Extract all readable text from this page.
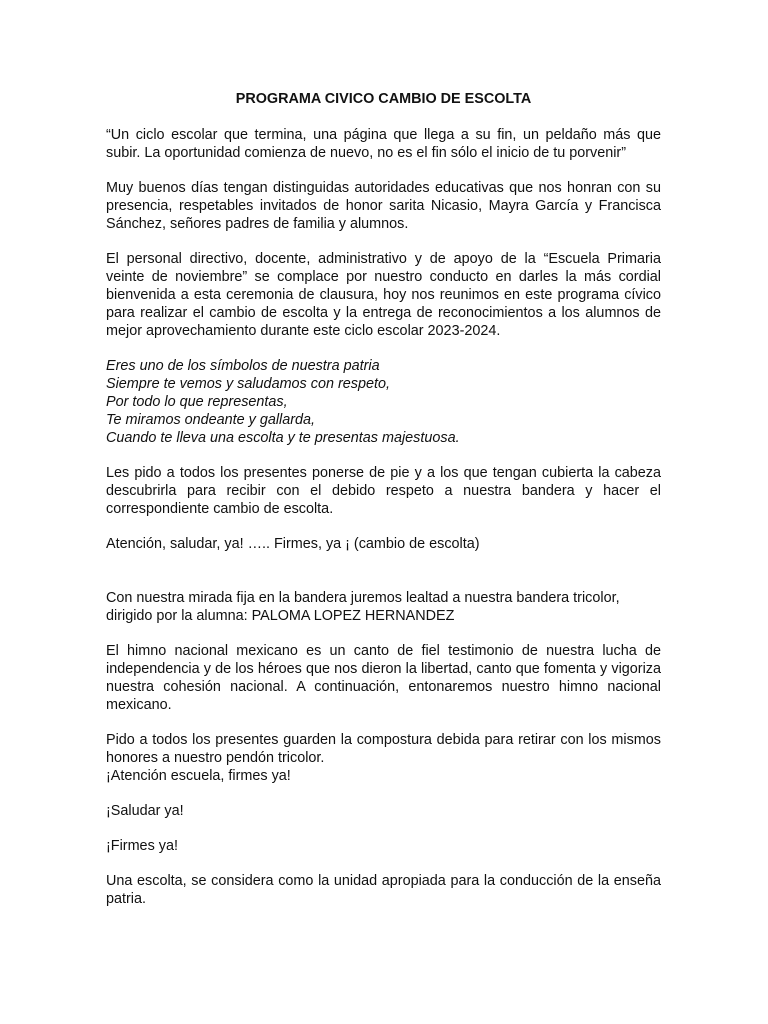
PROGRAMA CIVICO CAMBIO DE ESCOLTA

“Un ciclo escolar que termina, una página que llega a su fin, un peldaño más que subir. La oportunidad comienza de nuevo, no es el fin sólo el inicio de tu porvenir”

Muy buenos días tengan distinguidas autoridades educativas que nos honran con su presencia, respetables invitados de honor sarita Nicasio, Mayra García y Francisca Sánchez, señores padres de familia y alumnos.

El personal directivo, docente, administrativo y de apoyo de la “Escuela Primaria veinte de noviembre” se complace por nuestro conducto en darles la más cordial bienvenida a esta ceremonia de clausura, hoy nos reunimos en este programa cívico para realizar el cambio de escolta y la entrega de reconocimientos a los alumnos de mejor aprovechamiento durante este ciclo escolar 2023-2024.

Eres uno de los símbolos de nuestra patria
Siempre te vemos y saludamos con respeto,
Por todo lo que representas,
Te miramos ondeante y gallarda,
Cuando te lleva una escolta y te presentas majestuosa.

Les pido a todos los presentes ponerse de pie y a los que tengan cubierta la cabeza descubrirla para recibir con el debido respeto a nuestra bandera y hacer el correspondiente cambio de escolta.

Atención, saludar, ya! ….. Firmes, ya ¡ (cambio de escolta)

Con nuestra mirada fija en la bandera juremos lealtad a nuestra bandera tricolor,
dirigido por la alumna: PALOMA LOPEZ HERNANDEZ

El himno nacional mexicano es un canto de fiel testimonio de nuestra lucha de independencia y de los héroes que nos dieron la libertad, canto que fomenta y vigoriza nuestra cohesión nacional. A continuación, entonaremos nuestro himno nacional mexicano.

Pido a todos los presentes guarden la compostura debida para retirar con los mismos honores a nuestro pendón tricolor.
¡Atención escuela, firmes ya!

¡Saludar ya!

¡Firmes ya!

Una escolta, se considera como la unidad apropiada para la conducción de la enseña patria.
